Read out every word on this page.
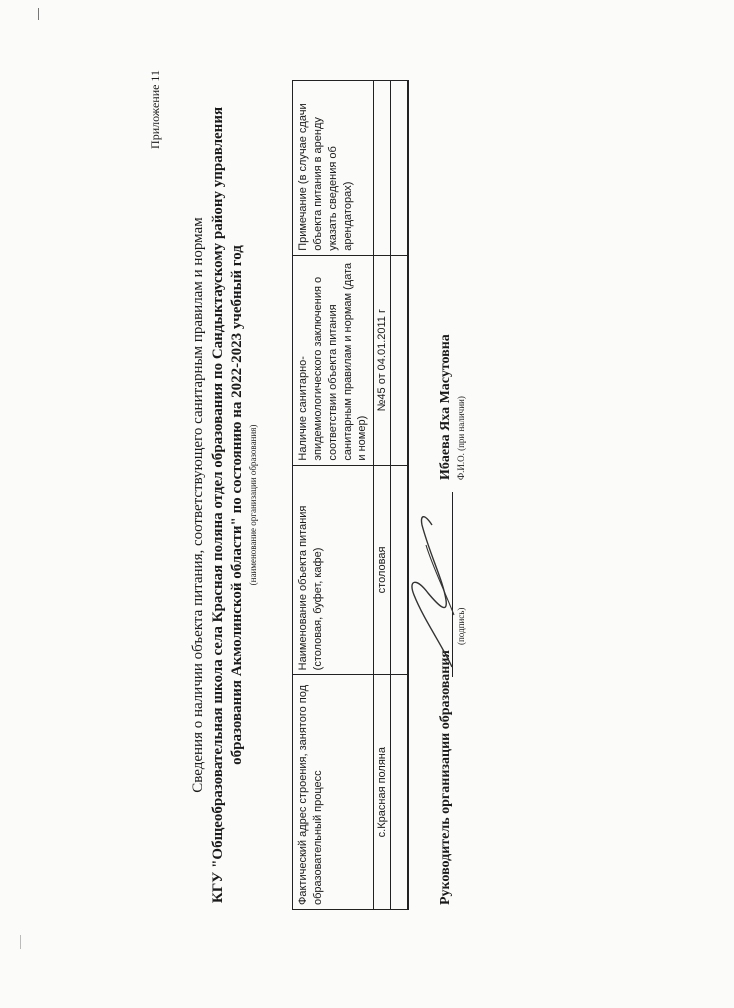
Приложение 11
Сведения о наличии объекта питания, соответствующего санитарным правилам и нормам КГУ "Общеобразовательная школа села Красная поляна отдел образования по Сандыктаускому району управления образования Акмолинской области" по состоянию на 2022-2023 учебный год (наименование организации образования)
Фактический адрес строения, занятого под образовательный процесс	Наименование объекта питания (столовая, буфет, кафе)	Наличие санитарно-эпидемиологического заключения о соответствии объекта питания санитарным правилам и нормам (дата и номер)	Примечание (в случае сдачи объекта питания в аренду указать сведения об арендаторах)
с.Красная поляна	столовая	№45 от 04.01.2011 г	

Руководитель организации образования
(подпись)
Ибаева Яха Масутовна Ф.И.О. (при наличии)
